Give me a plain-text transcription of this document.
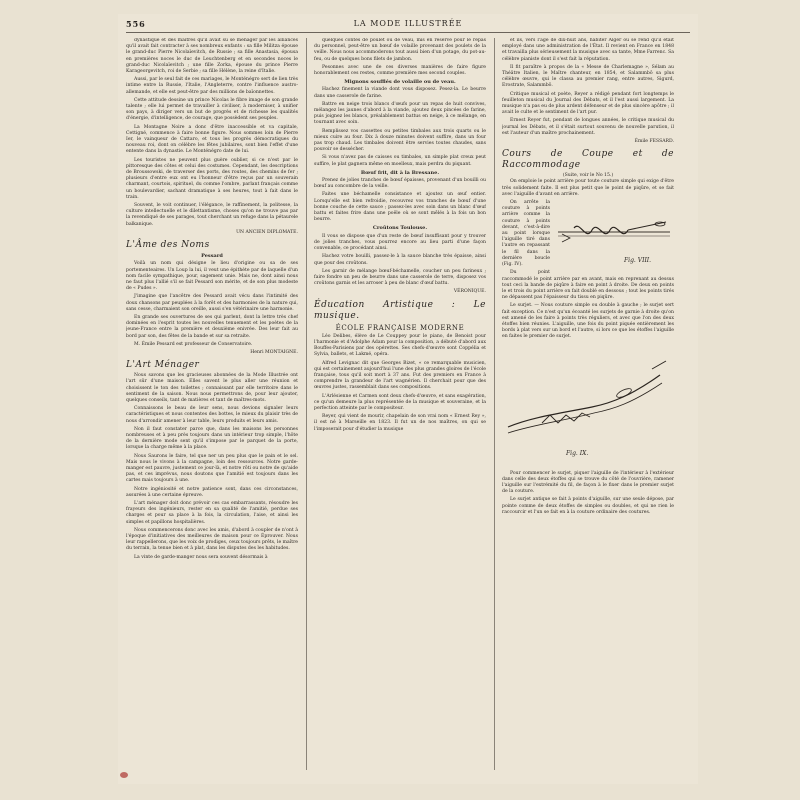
556	LA MODE ILLUSTRÉE

dynastique et des maîtres qu'il avait su se ménager par les alliances qu'il avait fait contracter à ses nombreux enfants : sa fille Militza épouse le grand-duc Pierre Nicolaïevitch, de Russie ; sa fille Anastasia, épousa en premières noces le duc de Leuchtenberg et en secondes noces le grand-duc Nicolaïevitch ; une fille Zorka, épouse du prince Pierre Karageorgevitch, roi de Serbie ; sa fille Hélène, la reine d'Italie.

Aussi, par le seul fait de ces mariages, le Monténégro sert de lien très intime entre la Russie, l'Italie, l'Angleterre, contre l'influence austro-allemande, et elle est peut-être par des millions de baïonnettes.

Cette attitude dessine un prince Nicolas le fibre image de son grande talente ; elle lui permet de travailler à civiliser, à moderniser, à unifier son pays, à diriger vers un but de progrès et de richesse les qualités d'énergie, d'intelligence, de courage, que possèdent ses peuples.

La Montagne Noire a donc d'être inaccessible et va capitale, Cettigné, commence à faire bonne figure. Nous sommes loin de Pierre Ier, le vainqueur de Cattaro, et tous les progrès démocratiques du nouveau roi, dont on célèbre les fêtes jubilaires, sont bien l'effet d'une entente dans la dynastie. Le Monténégro date de lui.

Les touristes ne peuvent plus guère oublier, si ce n'est par le pittoresque des côtes et celui des costumes. Cependant, les descriptions de Broussowski, de traverser des ports, des routes, des chemins de fer ; plusieurs d'entre eux ont eu l'honneur d'être reçus par un souverain charmant, courtois, spirituel, du comme l'ombre, parlant français comme un boulevardier, sachant dramatique à ses heures, tout à fait dans le train.

Souvent, le voit continuer, l'élégance, le raffinement, la politesse, la culture intellectuelle et le dilettantisme, choses qu'on ne trouve pas par la revendiqué de ses parages, tout cherchant un refuge dans la pétaurele balkanique.

UN ANCIEN DIPLOMATE.
L'Âme des Noms
Pessard

Voilà un nom qui désigne le lieu d'origine ou sa de ses portementeaires. Un Loup la lui, il veut une épithète par de laquelle d'un nom facile sympathique, pour, sagement unie. Mais ne, dont ainsi nous ne faut plus l'allié s'il se fait Pessard son mérite, et de son plus modeste de « Pudes ».

J'imagine que l'ancêtre des Pessard avait vécu dans l'intimité des doux chansons par peuplées à la forêt et des harmonies de la nature qui, sans cesse, charmaient son oreille, aussi s'en vétérinaire une harmonie.

En grande ses ouvertures de ses qui parlent, dont la lettre très chef dominées en l'esprit toutes les nouvelles tenuement et les poètes de la jeune-France entre la première et deuxième enivrée. Des leur fait au bord par son, des fêtes de la bande et sur sa retraite.

M. Émile Pessard est professeur de Conservatoire.

Henri MONTAIGNE.
L'Art Ménager

Nous savons que les gracieuses abonnées de la Mode Illustrée ont l'art sûr d'une maison. Elles savent le plus aller une réunion et choisissent le ton des toilettes ; connaissant par elle territoire dans le sentiment de la saison. Nous nous permettrons de, pour leur ajouter, quelques conseils, tant de matières et tant de maîtres-mots.

Connaissons le beau de leur sens, nous devions signaler leurs caractéristiques et nous contentes des bottes, le mieux du plaisir très de nous d'arrondir amener à leur table, leurs produits et leurs amis.

Non il faut constater parce que, dans les maisons les personnes nombreuses et à peu près toujours dans un intérieur trop simple, l'hôte de la dernière mode sent qu'il s'impose par le parquet de la porte, lorsque la charge même à la place.

Nous Saurons le faire, tel que ner un peu plus que le pain et le sel. Mais nous le vivons à la campagne, loin des ressources. Notre garde-manger est pauvre, justement ce jour-là, et notre rôti ou notre de qu'aide pas, et ces imprévus, nous doutons que l'amitié est toujours dans les cartes mais toujours à une.

Notre ingéniosité et notre patience sont, dans ces circonstances, assurées à une certaine épreuve.

L'art ménager doit donc prévoir ces cas embarrassants, résoudre les frayeurs des ingénieurs, rester en sa qualité de l'amitié, perdue ses charges et pour sa place à la fois, la circulation, l'aise, et ainsi les simples et papillons hospitalières.

Nous commencerons donc avec les amis, d'abord à coupler de n'ont à l'époque d'initiatives des meilleures de maison pour ce Éprouver. Nous leur rappellerons, que les voix de prodiges, ceux toujours prêts, le maître du terrain, la tenue bien et à plat, dans les disputes des les habitudes.

La vinte de garde-manger nous sera souvent désormais à

quelques contes de poulet ou de veau, mis en réserve pour le repas du personnel, peut-être un bœuf de volaille provenant des poulets de la veille. Nous nous accommoderons tout aussi bien d'un potage, du pot-au-feu, ou de quelques bons filets de jambon.

Pesonnes avec une de ces diverses manières de faire figure honorablement ces restes, comme première mes second couples.

Mignons soufflés de volaille ou de veau.

Hachez finement la viande dont vous disposez. Pesez-la. Le beurre dans une casserole de farine.

Battre en neige trois blancs d'œufs pour un repas de huit convives, mélangez les jaunes d'abord à la viande, ajoutez deux pincées de farine, puis joignez les blancs, préalablement battus en neige, à ce mélange, en tournant avec soin.

Remplissez vos cassettes ou petites timbales aux trois quarts ou le mieux cuire au four. Dix à douze minutes doivent suffire, dans un four pas trop chaud. Les timbales doivent être servies toutes chaudes, sans pouvoir se dessécher.

Si vous n'avez pas de caisses ou timbales, un simple plat creux peut suffire, le plat gagnera même en moelleux, mais perdra du piquant.

Bœuf frit, dit à la Bressane.

Prenez de jolies tranches de bœuf épaisses, provenant d'un bouilli ou bœuf au concombre de la veille.

Faites une béchamelle consistance et ajoutez un œuf entier. Lorsqu'elle est bien refroidie, recouvrez vos tranches de bœuf d'une bonne couche de cette sauce ; passez-les avec soin dans un blanc d'œuf battu et faites frire dans une poêle où se sont mêlés à la fois un bon beurre.

Croûtons Toulouse.

Il vous se dispose que d'un reste de bœuf insuffisant pour y trouver de jolies tranches, vous pourrez encore au lieu parti d'une façon convenable, ce procédant ainsi.

Hachez votre bouilli, passez-le à la sauce blanche très épaisse, ainsi que pour des croûtons.

Les garnir de mélange bœuf-béchamelle, coucher un peu farineux ; faire fondre un peu de beurre dans une casserole de terre, disposez vos croûtons garnis et les arroser à peu de blanc d'œuf battu.

VÉRONIQUE.
Éducation Artistique : Le musique.
ÉCOLE FRANÇAISE MODERNE

Léo Delibes, élève de Le Couppey pour le piano, de Benoist pour l'harmonie et d'Adolphe Adam pour la composition, a débuté d'abord aux Bouffes-Parisiens par des opérettes. Ses chefs-d'œuvre sont Coppélia et Sylvia, ballets, et Lakmé, opéra.

Alfred Levignac dit que Georges Bizet, « ce remarquable musicien, qui est certainement aujourd'hui l'une des plus grandes gloires de l'école française, tous qu'il soit mort à 37 ans. Fut des premiers en France à comprendre la grandeur de l'art wagnérien. Il cherchait pour que des œuvres justes, rassemblait dans ses compositions.

L'Arlésienne et Carmen sont deux chefs-d'œuvre, et sans exagération, ce qu'un demeure la plus représentée de la musique et souveraine, et la perfection atteinte par le compositeur.

Reyer, qui vient de mourir, chapelain de son vrai nom « Ernest Rey », il est né à Marseille en 1823. Il fut un de nos maîtres, on qui se l'imposerait pour d'étudier la musique

et ils, vers l'âge de dix-huit ans, habiter Alger où se rend qu'il était employé dans une administration de l'État. Il revient en France en 1848 et travailla plus sérieusement la musique avec sa tante, Mme Farrenc. Sa célèbre pianiste dont il s'est fait la réputation.

Il fit paraître à propos de la « Messe de Charlemagne », Sélam au Théâtre Italien, le Maître chanteur, en 1854, et Salammbô sa plus célèbre œuvre, qui le classa au premier rang, entre autres, Sigurd, Erostrate, Salammbô.

Critique musical et poète, Reyer a rédigé pendant fort longtemps le feuilleton musical du Journal des Débats, et il l'est aussi largement. La musique n'a pas eu de plus ardent défenseur et de plus sincère apôtre ; il avait le culte et le sentiment de l'art pur.

Ernest Reyer fut, pendant de longues années, le critique musical du journal les Débats, et il s'était surtout souvenu de nouvelle parution, il est l'auteur d'un maître prochainement.

Émile FESSARD.
Cours de Coupe et de Raccommodage
(Suite, voir le No 15.)

On emploie le point arrière pour toute couture simple qui exige d'être très solidement faite. Il est plus petit que le point de piqûre, et se fait avec l'aiguille d'avant en arrière.

Fig. VIII.

On arrête la couture à points arrière comme la couture à points devant, c'est-à-dire au point lorsque l'aiguille tiré dans l'autre en repassant le fil dans la dernière boucle (Fig. IV).

Du point raccommodé le point arrière par en avant, mais en reprenant au dessus tout ceci la bande de piqûre à faire en point à droite. De deux en points le et trois du point arrière on fait doublé en dessous ; tout les points tirés ne dépassent pas l'épaisseur du tissu en piqûre.

Le surjet. — Nous couture simple ou double à gauche ; le surjet sert fait exception. Ce n'est qu'un écoanté les surjets de garnie à droite qu'on est amené de les faire à points très réguliers, et avec que l'on des deux étoffes bien réunies. L'aiguille, une fois du point piquée entièrement les bords à plat vers sur un bord et l'autre, si lors ce que les étoffes l'aiguille en faites le premier de surjet.

Fig. IX.

Pour commencer le surjet, piquer l'aiguille de l'intérieur à l'extérieur dans celle des deux étoffes qui se trouve du côté de l'ouvrière, ramener l'aiguille sur l'extrémité du fil, de façon à le fixer dans le premier surjet de la couture.

Le surjet antique se fait à points d'aiguille, sur une seule dépose, par pointe comme de deux étoffes de simples ou doubles, et qui ne rien le raccourcir et l'un se fait en à la couture ordinaire des coutures.
